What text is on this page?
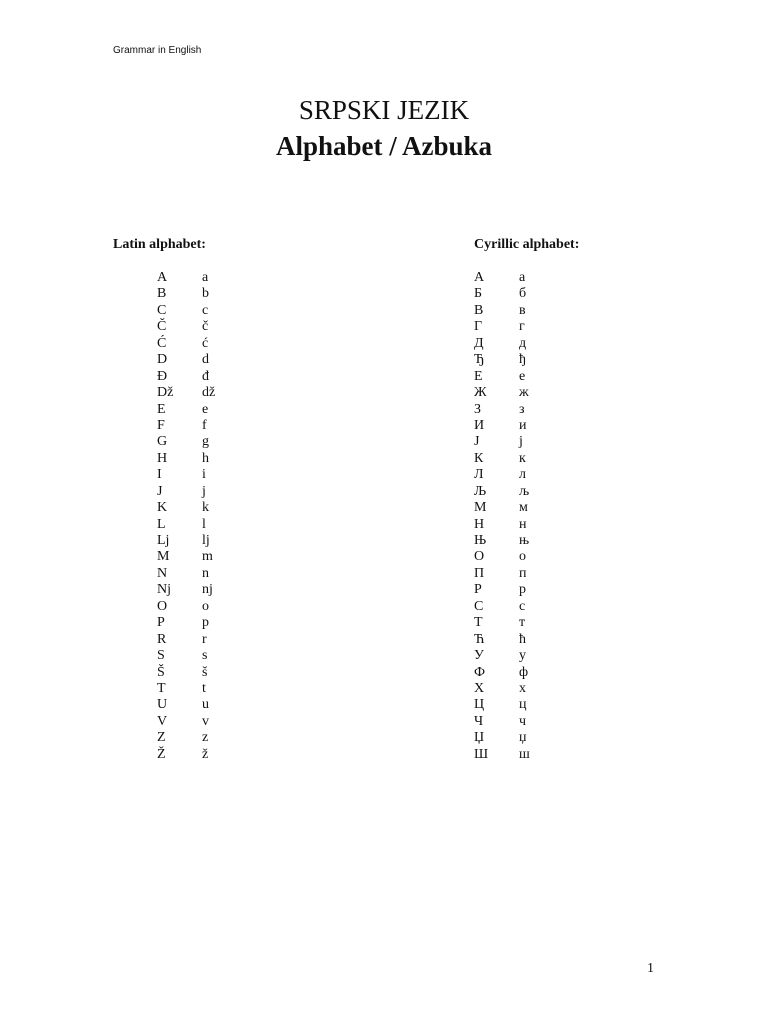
Grammar in English
SRPSKI JEZIK
Alphabet / Azbuka
Latin alphabet:	Cyrillic alphabet:
A a
B	b
C	c
Č	č
Ć	ć
D d
Đ đ
Dž dž
E	e
F	f
G g
H h
I	i
J	j
K k
L	l
Lj lj
M m
N n
Nj nj
O o
P	p
R	r
S	s
Š	š
T	t
U u
V v
Z	z
Ž	ž
А а
Б	б
В	в
Г	г
Д	д
Ђ ђ
Е	е
Ж ж
З	з
И и
Ј	ј
К	к
Л	л
Љ љ
М м
Н н
Њ њ
О о
П п
Р	р
С	с
Т	т
Ћ ћ
У	у
Ф ф
Х х
Ц ц
Ч	ч
Џ џ
Ш ш
1
